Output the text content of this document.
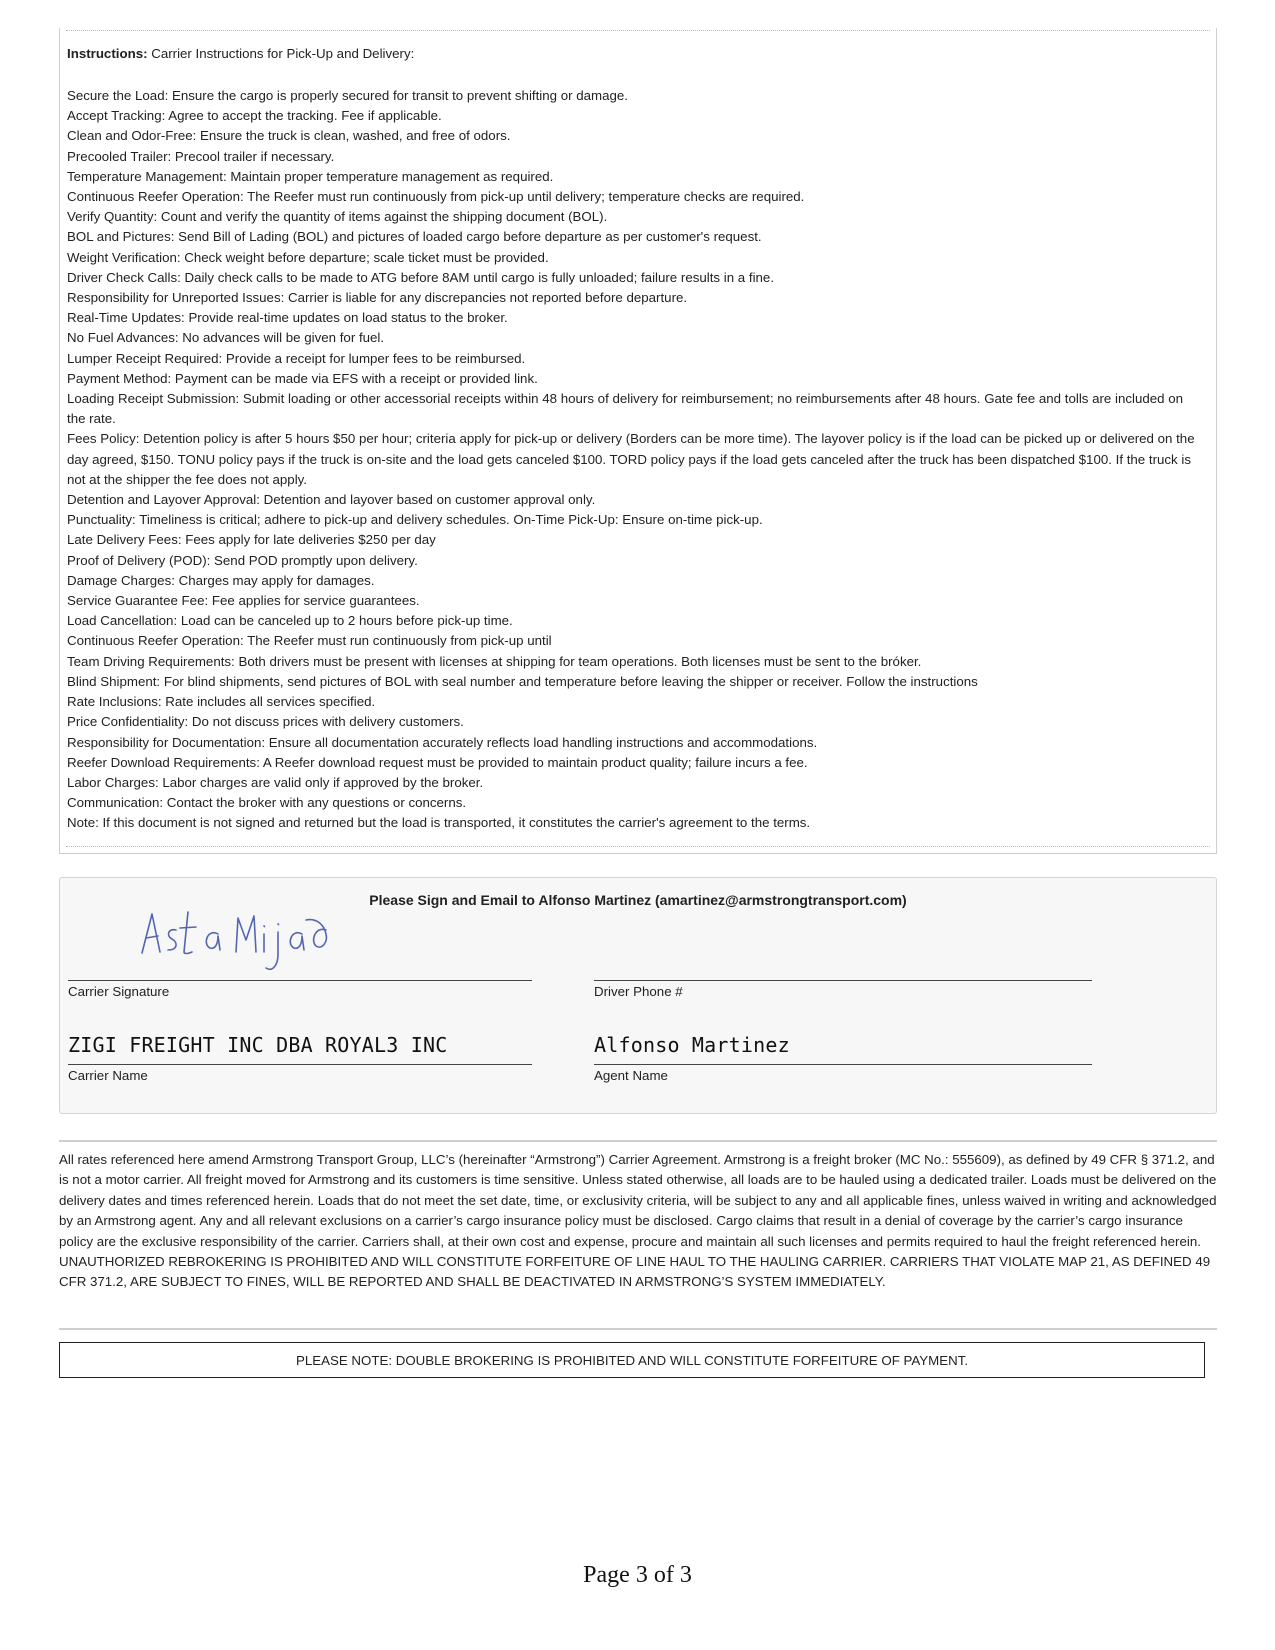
Instructions: Carrier Instructions for Pick-Up and Delivery:
Secure the Load: Ensure the cargo is properly secured for transit to prevent shifting or damage.
Accept Tracking: Agree to accept the tracking. Fee if applicable.
Clean and Odor-Free: Ensure the truck is clean, washed, and free of odors.
Precooled Trailer: Precool trailer if necessary.
Temperature Management: Maintain proper temperature management as required.
Continuous Reefer Operation: The Reefer must run continuously from pick-up until delivery; temperature checks are required.
Verify Quantity: Count and verify the quantity of items against the shipping document (BOL).
BOL and Pictures: Send Bill of Lading (BOL) and pictures of loaded cargo before departure as per customer's request.
Weight Verification: Check weight before departure; scale ticket must be provided.
Driver Check Calls: Daily check calls to be made to ATG before 8AM until cargo is fully unloaded; failure results in a fine.
Responsibility for Unreported Issues: Carrier is liable for any discrepancies not reported before departure.
Real-Time Updates: Provide real-time updates on load status to the broker.
No Fuel Advances: No advances will be given for fuel.
Lumper Receipt Required: Provide a receipt for lumper fees to be reimbursed.
Payment Method: Payment can be made via EFS with a receipt or provided link.
Loading Receipt Submission: Submit loading or other accessorial receipts within 48 hours of delivery for reimbursement; no reimbursements after 48 hours. Gate fee and tolls are included on the rate.
Fees Policy: Detention policy is after 5 hours $50 per hour; criteria apply for pick-up or delivery (Borders can be more time). The layover policy is if the load can be picked up or delivered on the day agreed, $150. TONU policy pays if the truck is on-site and the load gets canceled $100. TORD policy pays if the load gets canceled after the truck has been dispatched $100. If the truck is not at the shipper the fee does not apply.
Detention and Layover Approval: Detention and layover based on customer approval only.
Punctuality: Timeliness is critical; adhere to pick-up and delivery schedules. On-Time Pick-Up: Ensure on-time pick-up.
Late Delivery Fees: Fees apply for late deliveries $250 per day
Proof of Delivery (POD): Send POD promptly upon delivery.
Damage Charges: Charges may apply for damages.
Service Guarantee Fee: Fee applies for service guarantees.
Load Cancellation: Load can be canceled up to 2 hours before pick-up time.
Continuous Reefer Operation: The Reefer must run continuously from pick-up until
Team Driving Requirements: Both drivers must be present with licenses at shipping for team operations. Both licenses must be sent to the bróker.
Blind Shipment: For blind shipments, send pictures of BOL with seal number and temperature before leaving the shipper or receiver. Follow the instructions
Rate Inclusions: Rate includes all services specified.
Price Confidentiality: Do not discuss prices with delivery customers.
Responsibility for Documentation: Ensure all documentation accurately reflects load handling instructions and accommodations.
Reefer Download Requirements: A Reefer download request must be provided to maintain product quality; failure incurs a fee.
Labor Charges: Labor charges are valid only if approved by the broker.
Communication: Contact the broker with any questions or concerns.
Note: If this document is not signed and returned but the load is transported, it constitutes the carrier's agreement to the terms.
Please Sign and Email to Alfonso Martinez (amartinez@armstrongtransport.com)
Carrier Signature	Driver Phone #
ZIGI FREIGHT INC DBA ROYAL3 INC
Carrier Name
Alfonso Martinez
Agent Name
All rates referenced here amend Armstrong Transport Group, LLC’s (hereinafter “Armstrong”) Carrier Agreement. Armstrong is a freight broker (MC No.: 555609), as defined by 49 CFR § 371.2, and is not a motor carrier. All freight moved for Armstrong and its customers is time sensitive. Unless stated otherwise, all loads are to be hauled using a dedicated trailer. Loads must be delivered on the delivery dates and times referenced herein. Loads that do not meet the set date, time, or exclusivity criteria, will be subject to any and all applicable fines, unless waived in writing and acknowledged by an Armstrong agent. Any and all relevant exclusions on a carrier’s cargo insurance policy must be disclosed. Cargo claims that result in a denial of coverage by the carrier’s cargo insurance policy are the exclusive responsibility of the carrier. Carriers shall, at their own cost and expense, procure and maintain all such licenses and permits required to haul the freight referenced herein. UNAUTHORIZED REBROKERING IS PROHIBITED AND WILL CONSTITUTE FORFEITURE OF LINE HAUL TO THE HAULING CARRIER. CARRIERS THAT VIOLATE MAP 21, AS DEFINED 49 CFR 371.2, ARE SUBJECT TO FINES, WILL BE REPORTED AND SHALL BE DEACTIVATED IN ARMSTRONG’S SYSTEM IMMEDIATELY.
PLEASE NOTE: DOUBLE BROKERING IS PROHIBITED AND WILL CONSTITUTE FORFEITURE OF PAYMENT.
Page 3 of 3
